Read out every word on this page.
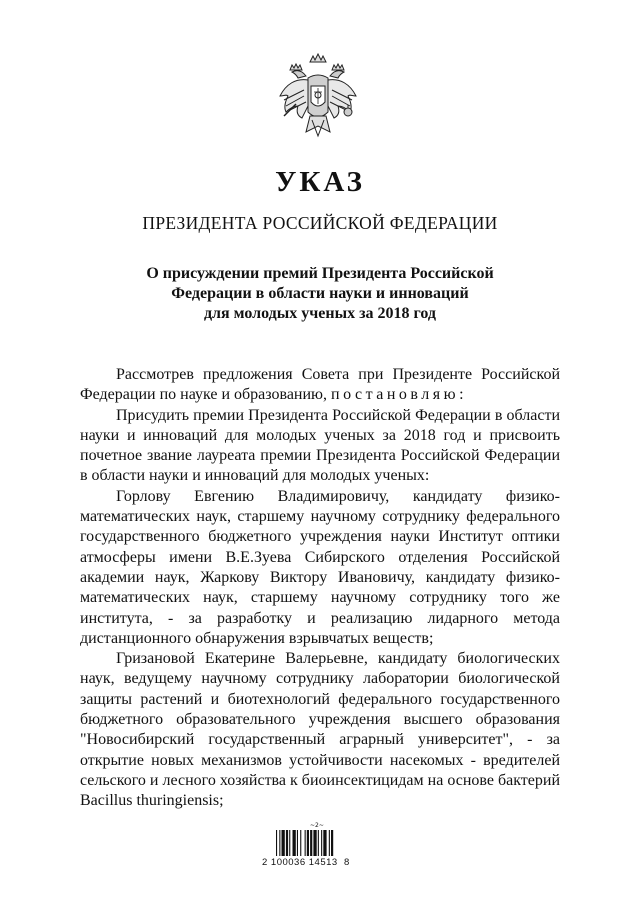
УКАЗ
ПРЕЗИДЕНТА РОССИЙСКОЙ ФЕДЕРАЦИИ
О присуждении премий Президента Российской
Федерации в области науки и инноваций
для молодых ученых за 2018 год

Рассмотрев предложения Совета при Президенте Российской Федерации по науке и образованию, постановляю:

Присудить премии Президента Российской Федерации в области науки и инноваций для молодых ученых за 2018 год и присвоить почетное звание лауреата премии Президента Российской Федерации в области науки и инноваций для молодых ученых:

Горлову Евгению Владимировичу, кандидату физико-математических наук, старшему научному сотруднику федерального государственного бюджетного учреждения науки Институт оптики атмосферы имени В.Е.Зуева Сибирского отделения Российской академии наук, Жаркову Виктору Ивановичу, кандидату физико-математических наук, старшему научному сотруднику того же института, - за разработку и реализацию лидарного метода дистанционного обнаружения взрывчатых веществ;

Гризановой Екатерине Валерьевне, кандидату биологических наук, ведущему научному сотруднику лаборатории биологической защиты растений и биотехнологий федерального государственного бюджетного образовательного учреждения высшего образования "Новосибирский государственный аграрный университет", - за открытие новых механизмов устойчивости насекомых - вредителей сельского и лесного хозяйства к биоинсектицидам на основе бактерий Bacillus thuringiensis;

~2~
2 100036 14513  8
